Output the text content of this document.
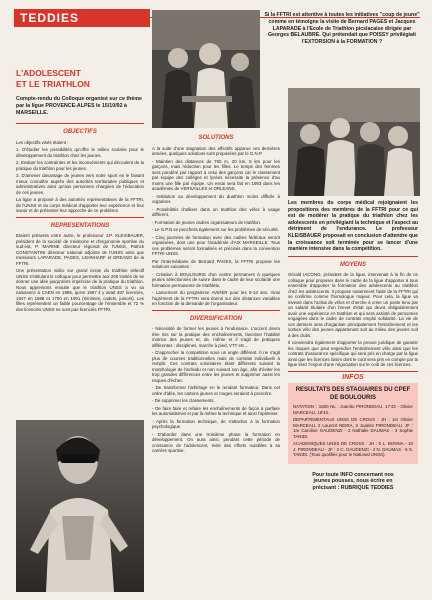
TEDDIES
L'ADOLESCENT
ET LE TRIATHLON
Compte-rendu du Colloque organisé sur ce thème par la ligue PROVENCE-ALPES le 15/10/92 à MARSEILLE.
OBJECTIFS

Les objectifs visés étaient :

1. D'étudier les possibilités qu'offre le milieu scolaire pour le développement du triathlon chez les jeunes.

2. Evaluer les contraintes et les inconvénients qui découlent de la pratique du triathlon pour les jeunes.

3. D'amener davantage de jeunes vers notre sport en le faisant mieux connaître auprès des autorités territoriales publiques et administratives ainsi qu'aux personnes chargées de l'éducation de ces jeunes.

La ligue a proposé à des autorités représentatives de la FFTRI, de l'UNSS et du corps médical d'apporter leur expérience et leur savoir et de présenter leur approche de ce problème.

REPRESENTATIONS

Etaient présents entre autre, le professeur J.P. KLEISBAUER, président de la société de médecine et d'ergonomie sportive du sud-est, P. MARINE directeur régional de l'UNSS, Patrick CONSTANTINI directeur national adjointe de l'UNSS ainsi que messieurs LAPARADE, PAGES, LEHNHARF et DREANO de la FFTRI.

Une présentation vidéo sur grand écran du triathlon sélectif UNSS s'intitulant le colloque pour permettre aux 200 invités de se donner une idée jusqu'alors imprécise de la pratique du triathlon. Nous apprenions ensuite que le triathlon UNSS a vu sa naissance à CAEN en 1985, qu'en 1987 il y avait 487 licenciés, 1847 en 1988 et 1700 en 1991 (minimes, cadets, juniors). Les filles représentent un faible pourcentage de l'ensemble et 72 % des licenciés UNSS ne sont pas licenciés FFTRI.

Si la FFTRI est attentive à toutes les initiatives "coup de jeune" comme en témoigne la visite de Bernard PAGES et Jacques LAPARADE à l'Ecole de Triathlon picslacaise dirigée par Georges BELAUBRE. Qui prétendait que POISSY privilégiait l'EXTORSION à la FORMATION ?

SOLUTIONS

A la suite d'une stagnation des effectifs apparue ces dernières années, quelques solutions sont proposées par le G.N.P.

- Maintien des distances de 750 m, 20 km, 5 km pour les garçons, mais réduction pour les filles. Le temps des femmes sera pondéré par rapport à celui des garçons car le classement par équipe des collèges et lycées nécessite la présence d'au moins une fille par équipe. Un essai sera fait en 1993 dans les académies de VERSAILLES et ORLEANS.

- Institution au développement du duathlon moins difficile à organiser.

- Possibilités d'utiliser dans un triathlon des vélos à usage différent.

- Formation de jeunes cadres organisateurs de triathlon.

- Le G.P.N se penchera également sur les problèmes de sécurité.

- Cinq journées de formation avec des cadres fédéraux seront organisées, dont une pour l'académie d'AIX MARSEILLE. Tous ces problèmes seront formalisés et précisés dans la convention FFTRI-UNSS.

Par l'intermédiaire de Bernard PAGES, la FFTRI propose les solutions suivantes :

- Création à BOULOURIS d'un centre permanent à quelques jeunes sélectionnés de suivre dans le cadre de leur scolarité une formation permanente de triathlète.

- Lancement du programme AVENIR pour les 9-13 ans. Ainsi l'agrément de la FFTRI sera donné sur des distances variables en fonction de la demande de l'organisateur.

DIVERSIFICATION

- Nécessité de former les jeunes à l'endurance. L'accent devra être mis sur la pratique des enchaînements, favoriser l'habilité motrice des jeunes et, de, même et il s'agit de pratiques différentes : disciplines, marche à pied, VTT etc...

- D'approcher la compétition sous un angle différent. Il ne s'agit plus de courses traditionnelles mais de contrats individuels à remplir. Ces contrats volontaires étant différents suivant la morphologie de l'individu et non suivant son âge, afin d'éviter les trop grandes différences entre les jeunes et supprimer aussi les risques d'échec.

- De transformer l'arbitrage en le rendant formateur. Dans cet ordre d'idée, les cartons jaunes et rouges seraient à proscrire.

- De supprimer les classements.

- De faire faire et refaire les enchaînements de façon à parfaire les automatismes et par là même la technique et ainsi l'optimiser.

- Après la formation technique, de s'attacher à la formation psychologique.

- D'aborder dans une troisième phase la formation en développement. On aura ainsi, pendant cette période de croissance de l'adolescent, évité des efforts nuisibles à sa carrière sportive.

Les membres du corps médical rejoignaient les propositions des membres de la FFTRI pour ce qui est de modérer la pratique du triathlon chez les adolescents en privilégiant la technique et l'aspect au détriment de l'endurance. Le professeur KLEISBAUER proposait en conclusion d'attendre que la croissance soit terminée pour se lancer d'une manière intensive dans la compétition.

MOYENS

Gérald IACONO, président de la ligue, intervenait à la fin de ce colloque pour proposer dans le cadre de la ligue d'apporter à tous ensemble d'apporter la formation des adolescents au triathlon chez les adolescents. Il propose notamment l'aide de la FFTRI qui se confirme comme l'homologue majeur. Pour cela, la ligue va investir dans l'achat de vélos et cherche à créer un poste tenu par un salarié titulaire d'un brevet d'état qui devra obligatoirement avoir une expérience en triathlon et qui sera assisté de personnes engagées dans le cadre de contrats emploi solidarité. La vie de ces derniers sera d'organiser principalement l'entraînement et les sorties vélo des jeunes appartenant soit au milieu des jeunes soit à des clubs.

Il conviendra également d'apporter la preuve juridique de garantir les risques que peut engendrer l'entraînement vélo ainsi que les contrats d'assurance spécifique qui sera pris en charge par la ligue ainsi que les licences loisirs dont le coût sera pris en compte par la ligue lisez l'espoir d'une négociation sur le coût de ces licences.

INFOS
RESULTATS DES STAGIAIRES DU CPEF DE BOULOURIS

NATATION : 1500 NL : Juanito PIRONDEAU, 17'43 - Olivier MARCEAU, 18'43.

DEPARTEMENTAUX UNSS DE CROSS : JH : 1er Olivier MARCEAU, 2 Laurent NEIRA, 3 Juanito PIRONDEAU. JF : 1re Caroline GAUDENZI - 2 Nathalie DAUMAS - 3 Sophie TANIDI.

ACADEMIQUES UNSS DE CROSS : JH : 5 L. BONNA - 10 J. PIRONDEAU - JF : 2 C. GAUDENZI - 4 N. DAUMAS - 6 S. TANIDI. (Tous qualifiés pour le National UNSS).

Pour toute INFO concernant nos
jeunes pousses, nous écrire en
précisant : RUBRIQUE TEDDIES
